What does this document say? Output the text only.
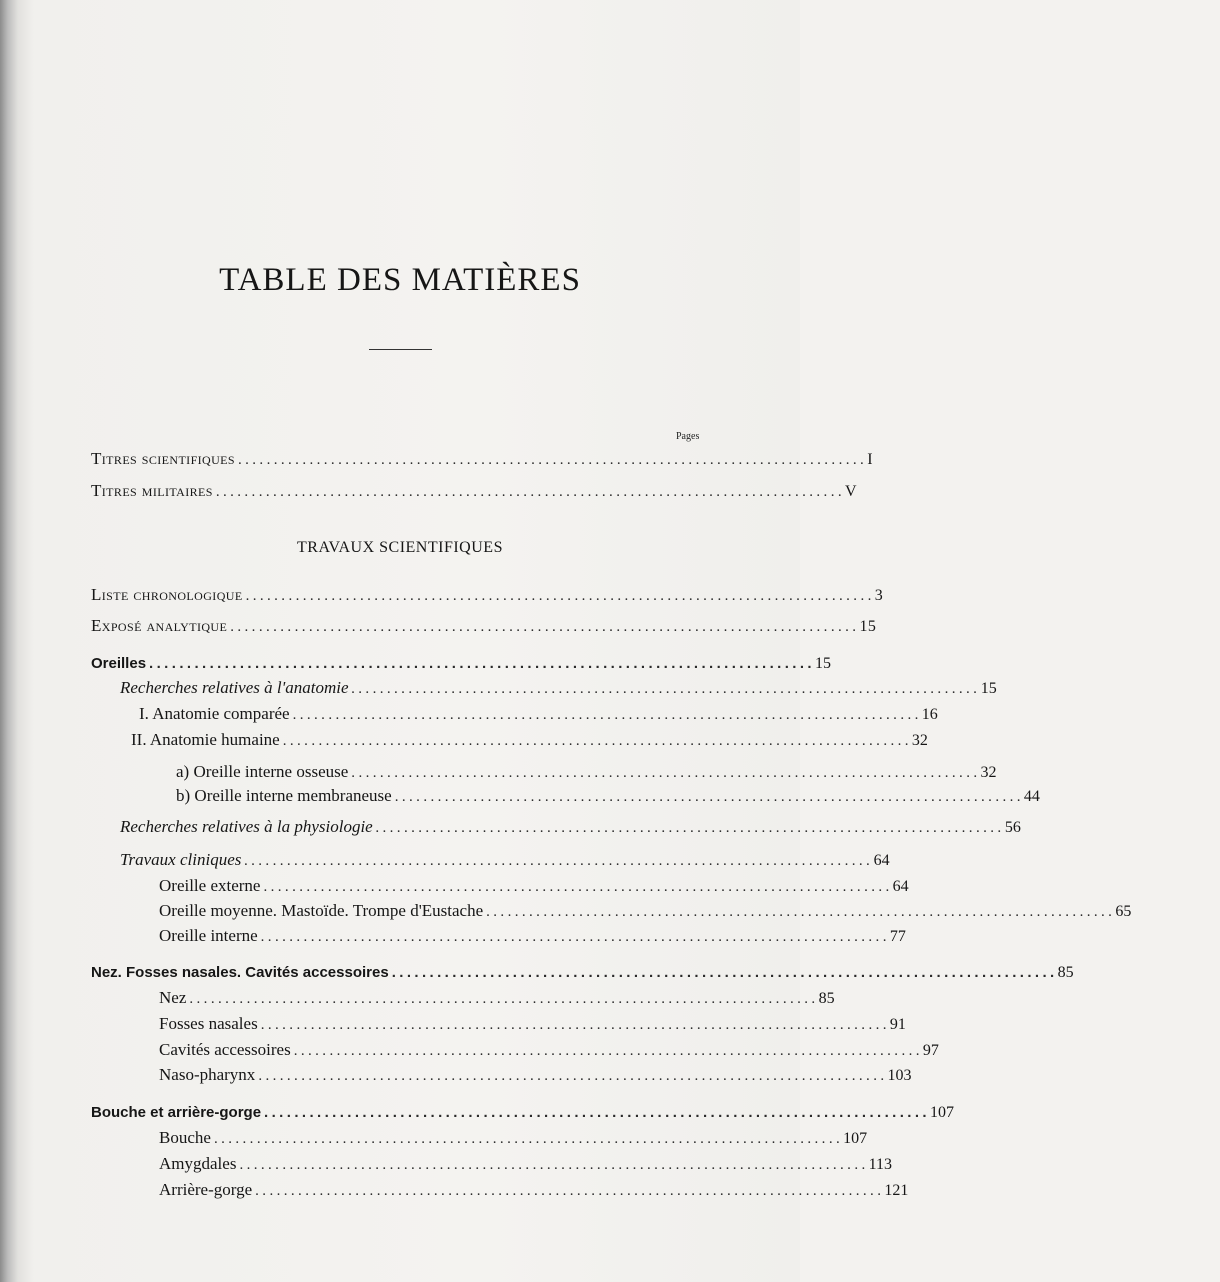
TABLE DES MATIÈRES
Pages
Titres scientifiques ........................................................................................ I
Titres militaires ........................................................................................ V
TRAVAUX SCIENTIFIQUES
Liste chronologique ........................................................................................ 3
Exposé analytique ........................................................................................ 15
Oreilles ........................................................................................ 15
Recherches relatives à l'anatomie ........................................................................................ 15
I. Anatomie comparée ........................................................................................ 16
II. Anatomie humaine ........................................................................................ 32
a) Oreille interne osseuse ........................................................................................ 32
b) Oreille interne membraneuse ........................................................................................ 44
Recherches relatives à la physiologie ........................................................................................ 56
Travaux cliniques ........................................................................................ 64
Oreille externe ........................................................................................ 64
Oreille moyenne. Mastoïde. Trompe d'Eustache ........................................................................................ 65
Oreille interne ........................................................................................ 77
Nez. Fosses nasales. Cavités accessoires ........................................................................................ 85
Nez ........................................................................................ 85
Fosses nasales ........................................................................................ 91
Cavités accessoires ........................................................................................ 97
Naso-pharynx ........................................................................................ 103
Bouche et arrière-gorge ........................................................................................ 107
Bouche ........................................................................................ 107
Amygdales ........................................................................................ 113
Arrière-gorge ........................................................................................ 121
